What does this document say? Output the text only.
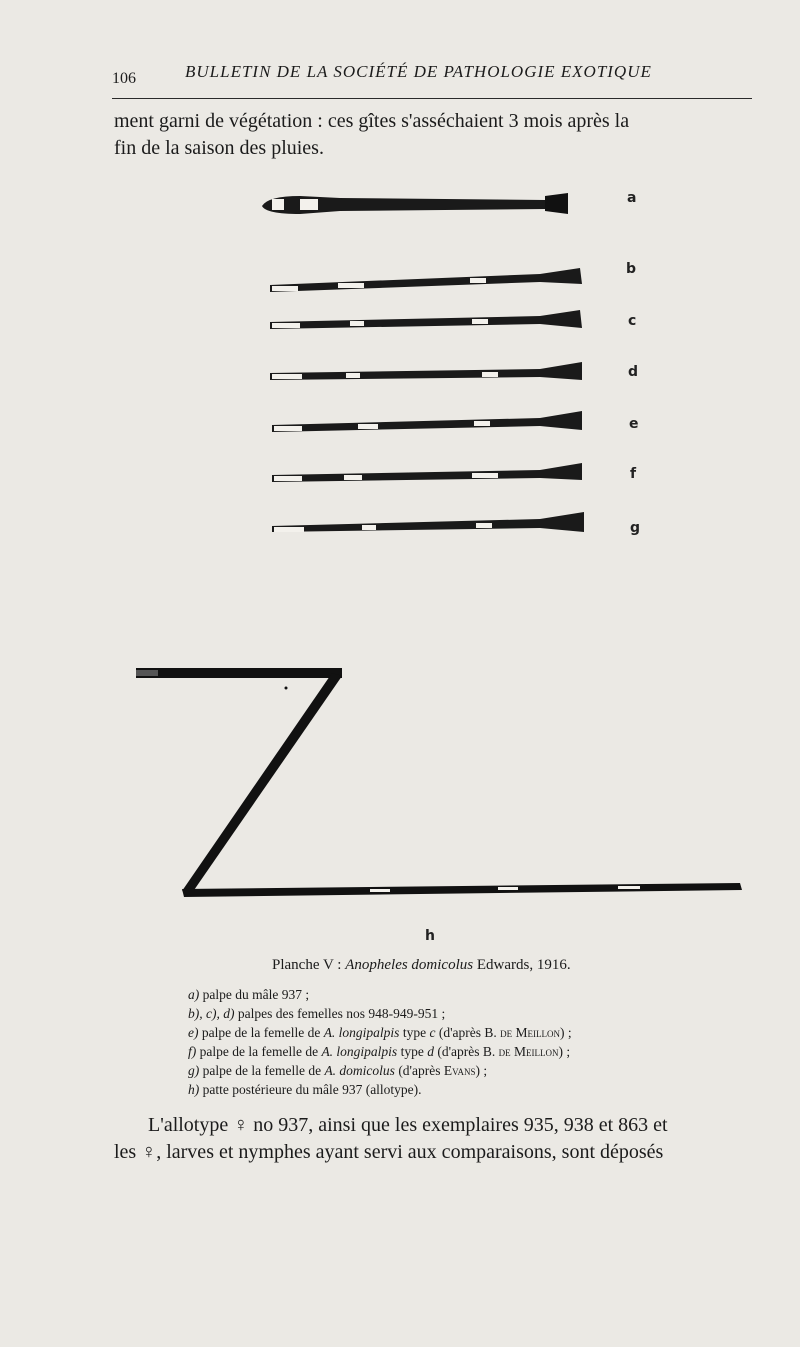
106	BULLETIN DE LA SOCIÉTÉ DE PATHOLOGIE EXOTIQUE
ment garni de végétation : ces gîtes s'asséchaient 3 mois après la
fin de la saison des pluies.
a
b
c
d
e
f
g
h
Planche V : Anopheles domicolus Edwards, 1916.
a) palpe du mâle 937 ;
b), c), d) palpes des femelles nos 948-949-951 ;
e) palpe de la femelle de A. longipalpis type c (d'après B. de Meillon) ;
f) palpe de la femelle de A. longipalpis type d (d'après B. de Meillon) ;
g) palpe de la femelle de A. domicolus (d'après Evans) ;
h) patte postérieure du mâle 937 (allotype).
L'allotype ♀ no 937, ainsi que les exemplaires 935, 938 et 863 et
les ♀, larves et nymphes ayant servi aux comparaisons, sont déposés
